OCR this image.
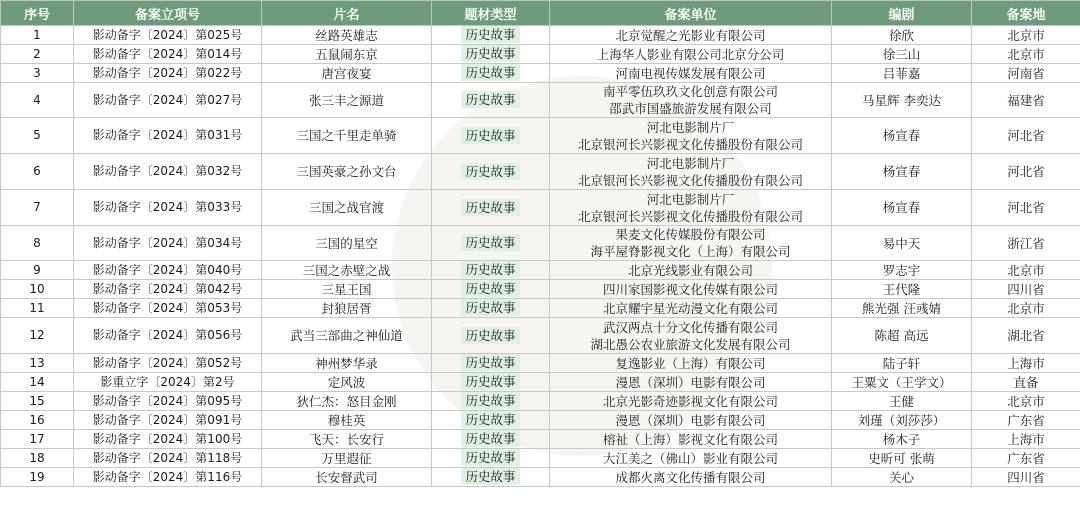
序号	备案立项号	片名	题材类型	备案单位	编剧	备案地
1	影动备字〔2024〕第025号	丝路英雄志	历史故事	北京觉醒之光影业有限公司	徐欣	北京市
2	影动备字〔2024〕第014号	五鼠闹东京	历史故事	上海华人影业有限公司北京分公司	徐三山	北京市
3	影动备字〔2024〕第022号	唐宫夜宴	历史故事	河南电视传媒发展有限公司	吕菲嘉	河南省
4	影动备字〔2024〕第027号	张三丰之源道	历史故事	南平零伍玖玖文化创意有限公司
邵武市国盛旅游发展有限公司	马星辉 李奕达	福建省
5	影动备字〔2024〕第031号	三国之千里走单骑	历史故事	河北电影制片厂
北京银河长兴影视文化传播股份有限公司	杨宣春	河北省
6	影动备字〔2024〕第032号	三国英豪之孙文台	历史故事	河北电影制片厂
北京银河长兴影视文化传播股份有限公司	杨宣春	河北省
7	影动备字〔2024〕第033号	三国之战官渡	历史故事	河北电影制片厂
北京银河长兴影视文化传播股份有限公司	杨宣春	河北省
8	影动备字〔2024〕第034号	三国的星空	历史故事	果麦文化传媒股份有限公司
海平屋脊影视文化（上海）有限公司	易中天	浙江省
9	影动备字〔2024〕第040号	三国之赤壁之战	历史故事	北京光线影业有限公司	罗志宇	北京市
10	影动备字〔2024〕第042号	三星王国	历史故事	四川家国影视文化传媒有限公司	王代隆	四川省
11	影动备字〔2024〕第053号	封狼居胥	历史故事	北京耀宇星光动漫文化有限公司	熊光强 汪彧婧	北京市
12	影动备字〔2024〕第056号	武当三部曲之神仙道	历史故事	武汉两点十分文化传播有限公司
湖北愚公农业旅游文化发展有限公司	陈超 高远	湖北省
13	影动备字〔2024〕第052号	神州梦华录	历史故事	复逸影业（上海）有限公司	陆子轩	上海市
14	影重立字〔2024〕第2号	定风波	历史故事	漫恩（深圳）电影有限公司	王粟文（王学文）	直备
15	影动备字〔2024〕第095号	狄仁杰：怒目金刚	历史故事	北京光影奇迹影视文化有限公司	王健	北京市
16	影动备字〔2024〕第091号	穆桂英	历史故事	漫恩（深圳）电影有限公司	刘瑾（刘莎莎）	广东省
17	影动备字〔2024〕第100号	飞天：长安行	历史故事	榕祉（上海）影视文化有限公司	杨木子	上海市
18	影动备字〔2024〕第118号	万里遐征	历史故事	大江美之（佛山）影业有限公司	史昕可 张萌	广东省
19	影动备字〔2024〕第116号	长安督武司	历史故事	成都火离文化传播有限公司	关心	四川省
